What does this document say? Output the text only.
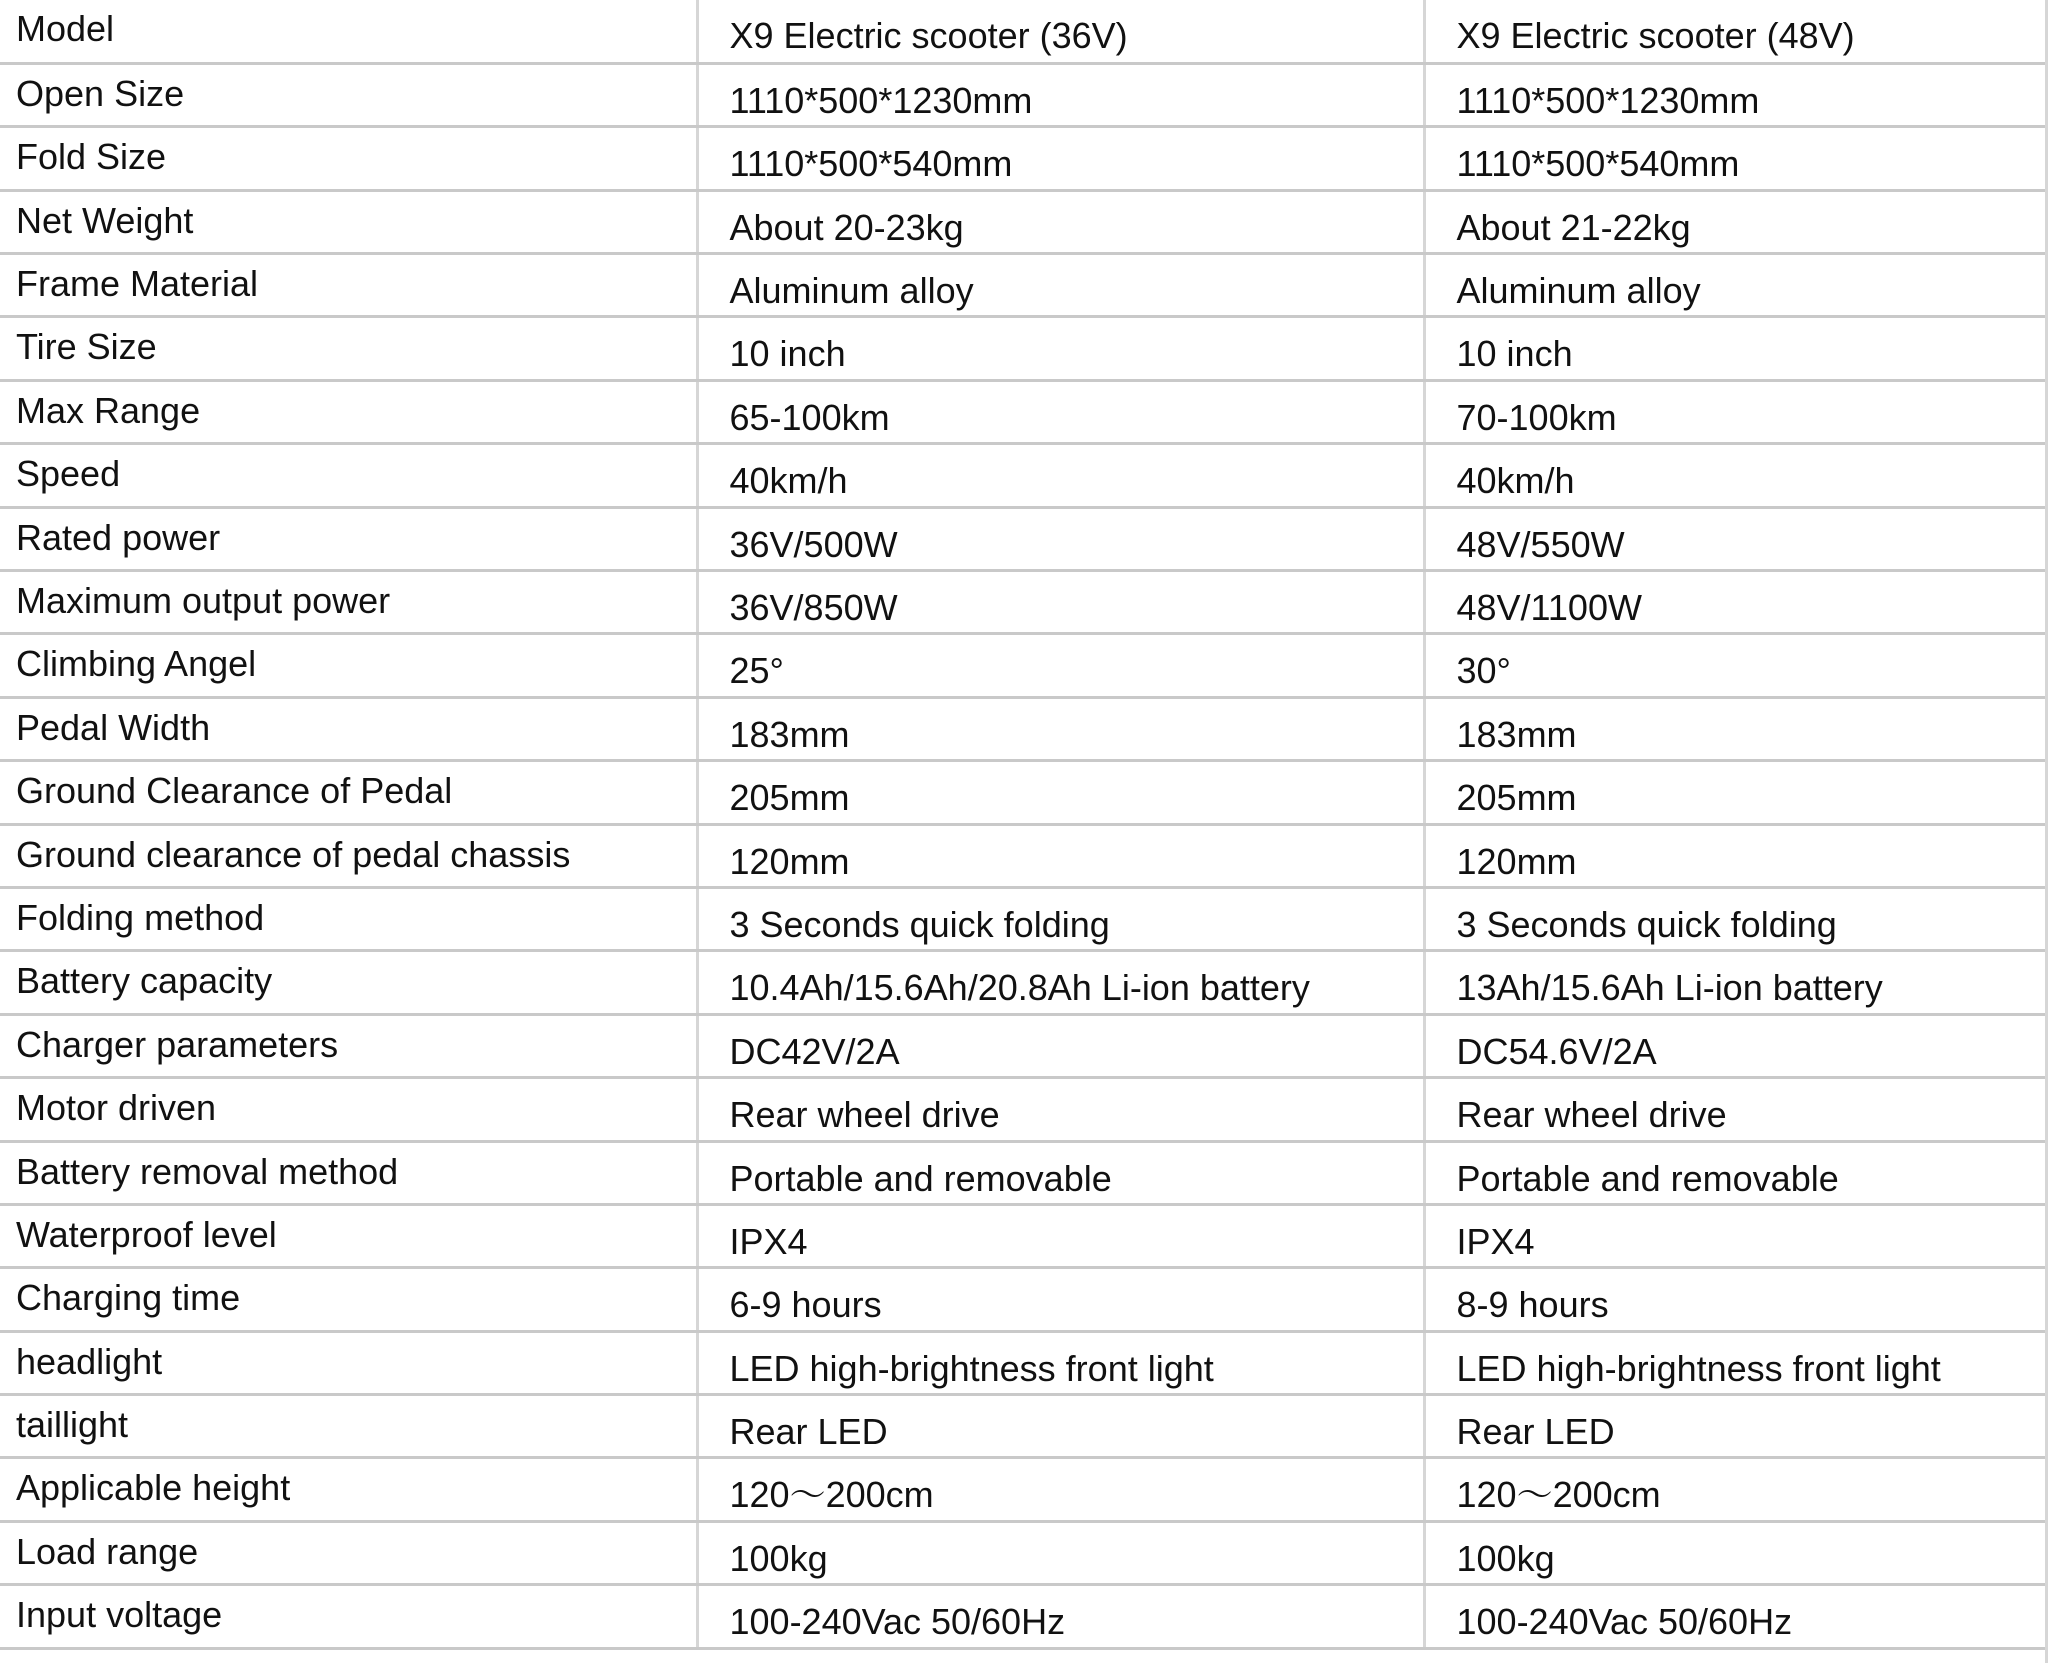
Model	X9 Electric scooter (36V)	X9 Electric scooter (48V)
Open Size	1110*500*1230mm	1110*500*1230mm
Fold Size	1110*500*540mm	1110*500*540mm
Net Weight	About 20-23kg	About 21-22kg
Frame Material	Aluminum alloy	Aluminum alloy
Tire Size	10 inch	10 inch
Max Range	65-100km	70-100km
Speed	40km/h	40km/h
Rated power	36V/500W	48V/550W
Maximum output power	36V/850W	48V/1100W
Climbing Angel	25°	30°
Pedal Width	183mm	183mm
Ground Clearance of Pedal	205mm	205mm
Ground clearance of pedal chassis	120mm	120mm
Folding method	3 Seconds quick folding	3 Seconds quick folding
Battery capacity	10.4Ah/15.6Ah/20.8Ah Li-ion battery	13Ah/15.6Ah Li-ion battery
Charger parameters	DC42V/2A	DC54.6V/2A
Motor driven	Rear wheel drive	Rear wheel drive
Battery removal method	Portable and removable	Portable and removable
Waterproof level	IPX4	IPX4
Charging time	6-9 hours	8-9 hours
headlight	LED high-brightness front light	LED high-brightness front light
taillight	Rear LED	Rear LED
Applicable height	120～200cm	120～200cm
Load range	100kg	100kg
Input voltage	100-240Vac 50/60Hz	100-240Vac 50/60Hz
